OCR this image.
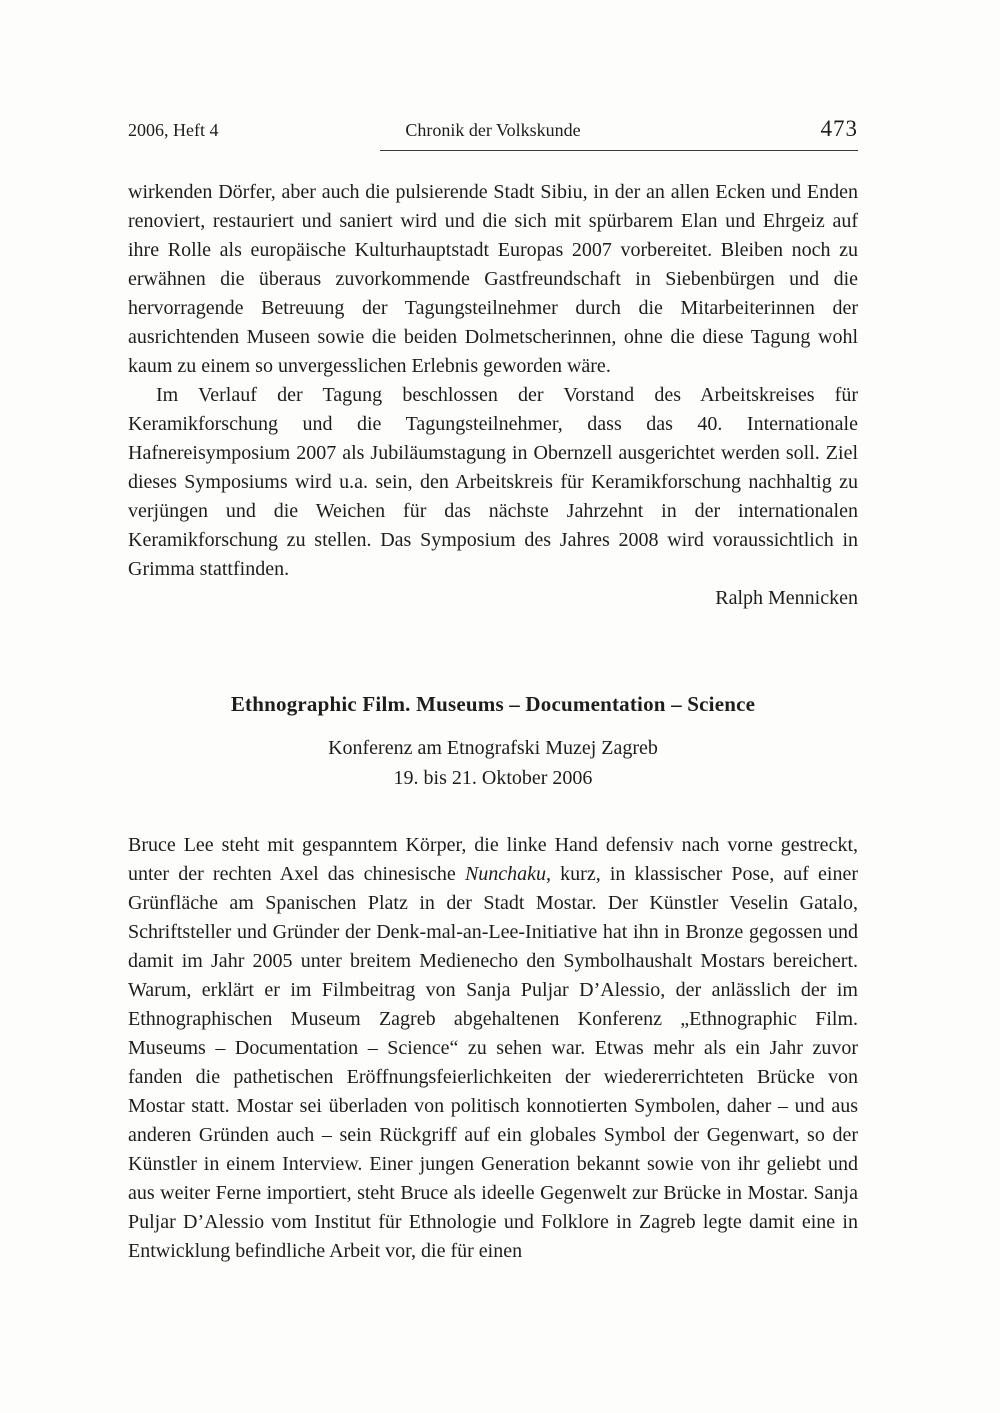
2006, Heft 4	Chronik der Volkskunde	473

wirkenden Dörfer, aber auch die pulsierende Stadt Sibiu, in der an allen Ecken und Enden renoviert, restauriert und saniert wird und die sich mit spürbarem Elan und Ehrgeiz auf ihre Rolle als europäische Kulturhauptstadt Europas 2007 vorbereitet. Bleiben noch zu erwähnen die überaus zuvorkommende Gastfreundschaft in Siebenbürgen und die hervorragende Betreuung der Tagungsteilnehmer durch die Mitarbeiterinnen der ausrichtenden Museen sowie die beiden Dolmetscherinnen, ohne die diese Tagung wohl kaum zu einem so unvergesslichen Erlebnis geworden wäre.

Im Verlauf der Tagung beschlossen der Vorstand des Arbeitskreises für Keramikforschung und die Tagungsteilnehmer, dass das 40. Internationale Hafnereisymposium 2007 als Jubiläumstagung in Obernzell ausgerichtet werden soll. Ziel dieses Symposiums wird u.a. sein, den Arbeitskreis für Keramikforschung nachhaltig zu verjüngen und die Weichen für das nächste Jahrzehnt in der internationalen Keramikforschung zu stellen. Das Symposium des Jahres 2008 wird voraussichtlich in Grimma stattfinden.

Ralph Mennicken

Ethnographic Film. Museums – Documentation – Science
Konferenz am Etnografski Muzej Zagreb
19. bis 21. Oktober 2006

Bruce Lee steht mit gespanntem Körper, die linke Hand defensiv nach vorne gestreckt, unter der rechten Axel das chinesische Nunchaku, kurz, in klassischer Pose, auf einer Grünfläche am Spanischen Platz in der Stadt Mostar. Der Künstler Veselin Gatalo, Schriftsteller und Gründer der Denk-mal-an-Lee-Initiative hat ihn in Bronze gegossen und damit im Jahr 2005 unter breitem Medienecho den Symbolhaushalt Mostars bereichert. Warum, erklärt er im Filmbeitrag von Sanja Puljar D’Alessio, der anlässlich der im Ethnographischen Museum Zagreb abgehaltenen Konferenz „Ethnographic Film. Museums – Documentation – Science“ zu sehen war. Etwas mehr als ein Jahr zuvor fanden die pathetischen Eröffnungsfeierlichkeiten der wiedererrichteten Brücke von Mostar statt. Mostar sei überladen von politisch konnotierten Symbolen, daher – und aus anderen Gründen auch – sein Rückgriff auf ein globales Symbol der Gegenwart, so der Künstler in einem Interview. Einer jungen Generation bekannt sowie von ihr geliebt und aus weiter Ferne importiert, steht Bruce als ideelle Gegenwelt zur Brücke in Mostar. Sanja Puljar D’Alessio vom Institut für Ethnologie und Folklore in Zagreb legte damit eine in Entwicklung befindliche Arbeit vor, die für einen
